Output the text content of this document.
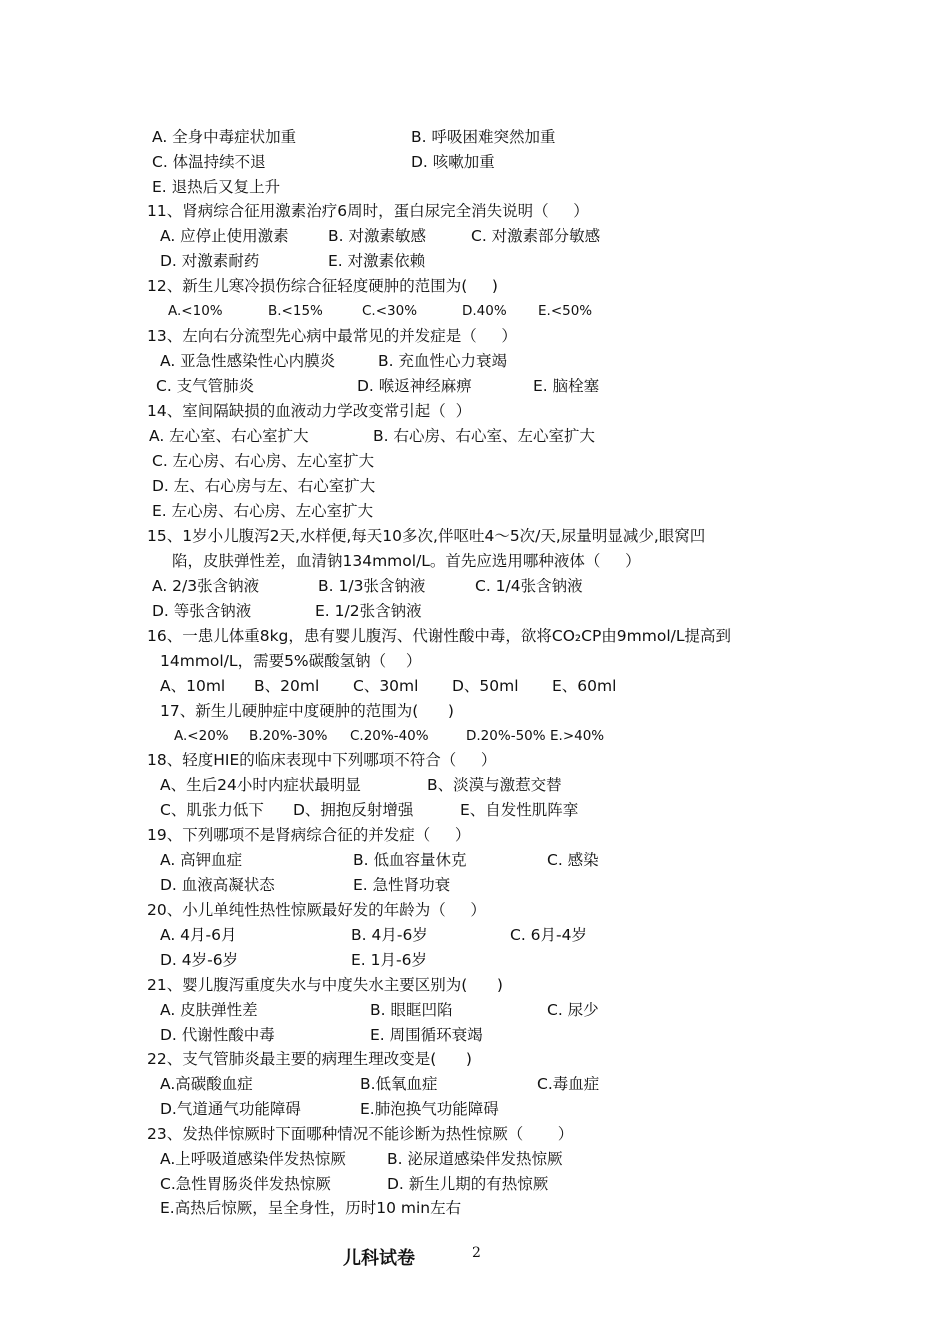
A. 全身中毒症状加重	B. 呼吸困难突然加重
C. 体温持续不退	D. 咳嗽加重
E. 退热后又复上升
11、肾病综合征用激素治疗6周时，蛋白尿完全消失说明（     ）
A. 应停止使用激素	B. 对激素敏感	C. 对激素部分敏感
D. 对激素耐药	E. 对激素依赖
12、新生儿寒冷损伤综合征轻度硬肿的范围为(     )
A.<10%	B.<15%	C.<30%	D.40% E.<50%
13、左向右分流型先心病中最常见的并发症是（     ）
A. 亚急性感染性心内膜炎	B. 充血性心力衰竭
C. 支气管肺炎	D. 喉返神经麻痹	E. 脑栓塞
14、室间隔缺损的血液动力学改变常引起（  ）
A. 左心室、右心室扩大	B. 右心房、右心室、左心室扩大
C. 左心房、右心房、左心室扩大
D. 左、右心房与左、右心室扩大
E. 左心房、右心房、左心室扩大
15、1岁小儿腹泻2天,水样便,每天10多次,伴呕吐4～5次/天,尿量明显减少,眼窝凹
陷，皮肤弹性差，血清钠134mmol/L。首先应选用哪种液体（     ）
A. 2/3张含钠液	B. 1/3张含钠液	C. 1/4张含钠液
D. 等张含钠液	E. 1/2张含钠液
16、一患儿体重8kg，患有婴儿腹泻、代谢性酸中毒，欲将CO₂CP由9mmol/L提高到
14mmol/L，需要5%碳酸氢钠（    ）
A、10ml B、20ml C、30ml D、50ml E、60ml
17、新生儿硬肿症中度硬肿的范围为(      )
A.<20% B.20%-30% C.20%-40%	D.20%-50% E.>40%
18、轻度HIE的临床表现中下列哪项不符合（     ）
A、生后24小时内症状最明显	B、淡漠与激惹交替
C、肌张力低下 D、拥抱反射增强	E、自发性肌阵挛
19、下列哪项不是肾病综合征的并发症（     ）
A. 高钾血症	B. 低血容量休克	C. 感染
D. 血液高凝状态	E. 急性肾功衰
20、小儿单纯性热性惊厥最好发的年龄为（     ）
A. 4月-6月	B. 4月-6岁	C. 6月-4岁
D. 4岁-6岁	E. 1月-6岁
21、婴儿腹泻重度失水与中度失水主要区别为(      )
A. 皮肤弹性差	B. 眼眶凹陷	C. 尿少
D. 代谢性酸中毒	E. 周围循环衰竭
22、支气管肺炎最主要的病理生理改变是(      )
A.高碳酸血症	B.低氧血症	C.毒血症
D.气道通气功能障碍	E.肺泡换气功能障碍
23、发热伴惊厥时下面哪种情况不能诊断为热性惊厥（       ）
A.上呼吸道感染伴发热惊厥	B. 泌尿道感染伴发热惊厥
C.急性胃肠炎伴发热惊厥	D. 新生儿期的有热惊厥
E.高热后惊厥，呈全身性，历时10 min左右
儿科试卷	2
